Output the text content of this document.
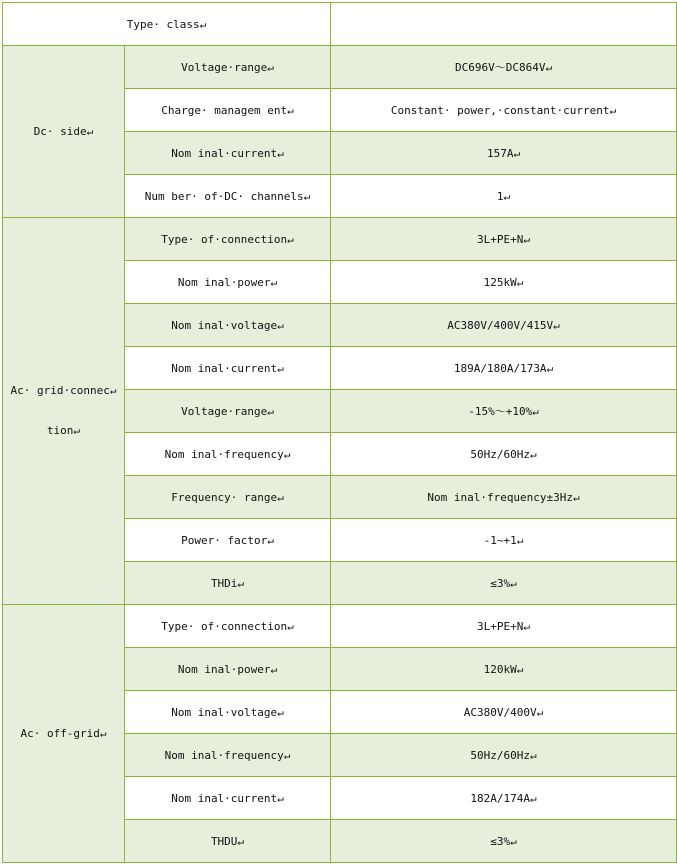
Type· class↵		
Dc· side↵	Voltage·range↵	DC696V～DC864V↵
	Charge· managem ent↵	Constant· power,·constant·current↵
	Nom inal·current↵	157A↵
	Num ber· of·DC· channels↵	1↵
Ac· grid·connec↵ tion↵	Type· of·connection↵	3L+PE+N↵
	Nom inal·power↵	125kW↵
	Nom inal·voltage↵	AC380V/400V/415V↵
	Nom inal·current↵	189A/180A/173A↵
	Voltage·range↵	-15%～+10%↵
	Nom inal·frequency↵	50Hz/60Hz↵
	Frequency· range↵	Nom inal·frequency±3Hz↵
	Power· factor↵	-1~+1↵
	THDi↵	≤3%↵
Ac· off-grid↵	Type· of·connection↵	3L+PE+N↵
	Nom inal·power↵	120kW↵
	Nom inal·voltage↵	AC380V/400V↵
	Nom inal·frequency↵	50Hz/60Hz↵
	Nom inal·current↵	182A/174A↵
	THDU↵	≤3%↵
